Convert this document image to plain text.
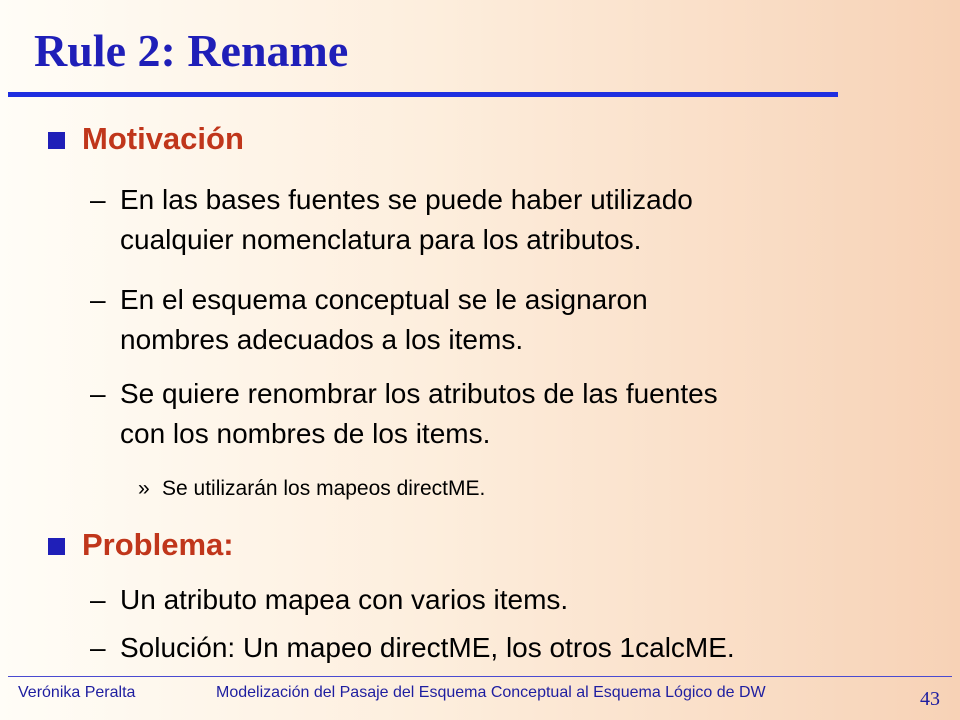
Rule 2: Rename
Motivación
– En las bases fuentes se puede haber utilizado
cualquier nomenclatura para los atributos.
– En el esquema conceptual se le asignaron
nombres adecuados a los items.
– Se quiere renombrar los atributos de las fuentes
con los nombres de los items.
» Se utilizarán los mapeos directME.
Problema:
– Un atributo mapea con varios items.
– Solución: Un mapeo directME, los otros 1calcME.
Verónika Peralta	Modelización del Pasaje del Esquema Conceptual al Esquema Lógico de DW	43
